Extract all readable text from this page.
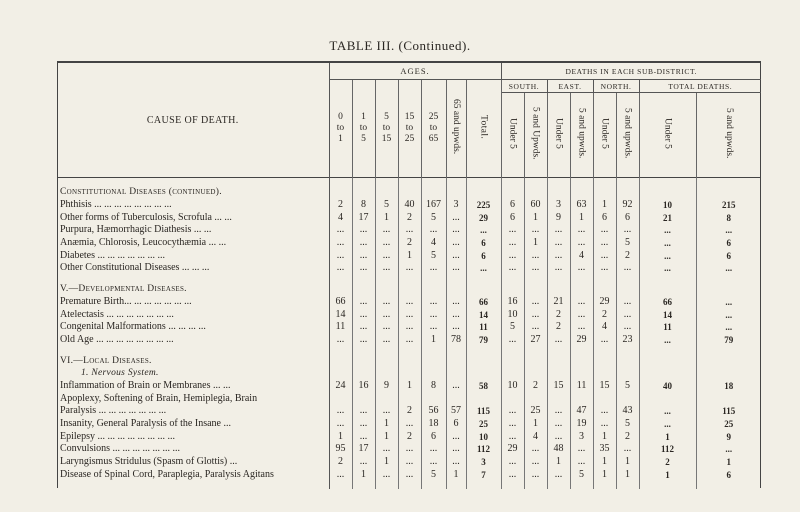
TABLE III. (Continued).
CAUSE OF DEATH.	AGES.							DEATHS IN EACH SUB-DISTRICT.							
	0
to
1	1
to
5	5
to
15	15
to
25	25
to
65	65 and upwds.	Total.	SOUTH.		EAST.		NORTH.		TOTAL DEATHS.	
								Under 5	5 and Upwds.	Under 5	5 and upwds.	Under 5	5 and upwds.	Under 5	5 and upwds.

Constitutional Diseases (continued).															
Phthisis ... ... ... ... ... ... ... ...	2	8	5	40	167	3	225	6	60	3	63	1	92	10	215
Other forms of Tuberculosis, Scrofula ... ...	4	17	1	2	5	...	29	6	1	9	1	6	6	21	8
Purpura, Hæmorrhagic Diathesis ... ...	...	...	...	...	...	...	...	...	...	...	...	...	...	...	...
Anæmia, Chlorosis, Leucocythæmia ... ...	...	...	...	2	4	...	6	...	1	...	...	...	5	...	6
Diabetes ... ... ... ... ... ... ...	...	...	...	1	5	...	6	...	...	...	4	...	2	...	6
Other Constitutional Diseases ... ... ...	...	...	...	...	...	...	...	...	...	...	...	...	...	...	...

V.—Developmental Diseases.															
Premature Birth... ... ... ... ... ... ...	66	...	...	...	...	...	66	16	...	21	...	29	...	66	...
Atelectasis ... ... ... ... ... ... ...	14	...	...	...	...	...	14	10	...	2	...	2	...	14	...
Congenital Malformations ... ... ... ...	11	...	...	...	...	...	11	5	...	2	...	4	...	11	...
Old Age ... ... ... ... ... ... ... ...	...	...	...	...	1	78	79	...	27	...	29	...	23	...	79

VI.—Local Diseases.															
1. Nervous System.															
Inflammation of Brain or Membranes ... ...	24	16	9	1	8	...	58	10	2	15	11	15	5	40	18
Apoplexy, Softening of Brain, Hemiplegia, Brain															
Paralysis ... ... ... ... ... ... ...	...	...	...	2	56	57	115	...	25	...	47	...	43	...	115
Insanity, General Paralysis of the Insane ...	...	...	1	...	18	6	25	...	1	...	19	...	5	...	25
Epilepsy ... ... ... ... ... ... ... ...	1	...	1	2	6	...	10	...	4	...	3	1	2	1	9
Convulsions ... ... ... ... ... ... ...	95	17	...	...	...	...	112	29	...	48	...	35	...	112	...
Laryngismus Stridulus (Spasm of Glottis) ...	2	...	1	...	...	...	3	...	...	1	...	1	1	2	1
Disease of Spinal Cord, Paraplegia, Paralysis Agitans	...	1	...	...	5	1	7	...	...	...	5	1	1	1	6
